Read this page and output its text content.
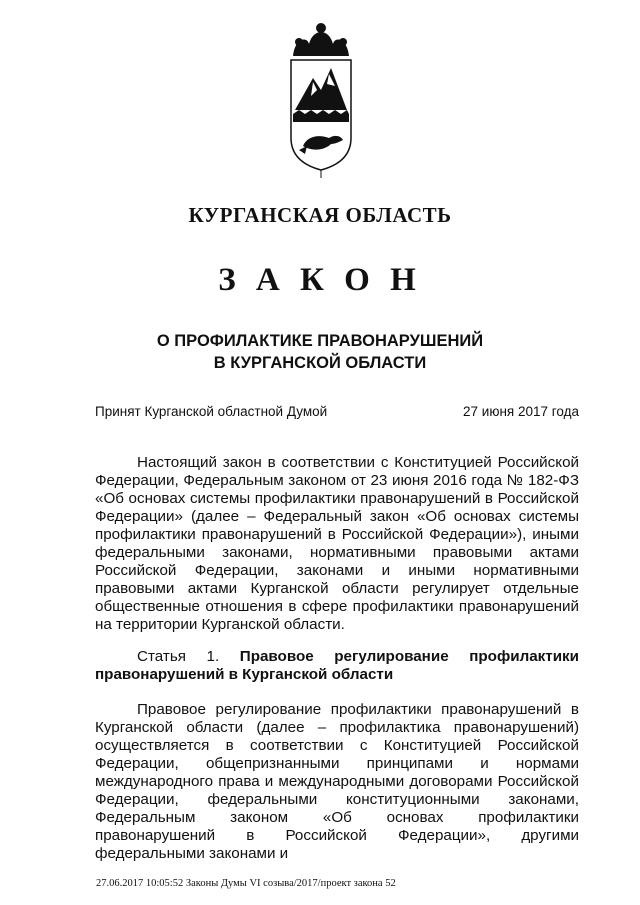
КУРГАНСКАЯ ОБЛАСТЬ
З А К О Н
О ПРОФИЛАКТИКЕ ПРАВОНАРУШЕНИЙ
В КУРГАНСКОЙ ОБЛАСТИ
Принят Курганской областной Думой	27 июня 2017 года

Настоящий закон в соответствии с Конституцией Российской Федерации, Федеральным законом от 23 июня 2016 года № 182-ФЗ «Об основах системы профилактики правонарушений в Российской Федерации» (далее – Федеральный закон «Об основах системы профилактики правонарушений в Российской Федерации»), иными федеральными законами, нормативными правовыми актами Российской Федерации, законами и иными нормативными правовыми актами Курганской области регулирует отдельные общественные отношения в сфере профилактики правонарушений на территории Курганской области.

Статья 1. Правовое регулирование профилактики правонарушений в Курганской области

Правовое регулирование профилактики правонарушений в Курганской области (далее – профилактика правонарушений) осуществляется в соответствии с Конституцией Российской Федерации, общепризнанными принципами и нормами международного права и международными договорами Российской Федерации, федеральными конституционными законами, Федеральным законом «Об основах профилактики правонарушений в Российской Федерации», другими федеральными законами и

27.06.2017 10:05:52 Законы Думы VI созыва/2017/проект закона 52
